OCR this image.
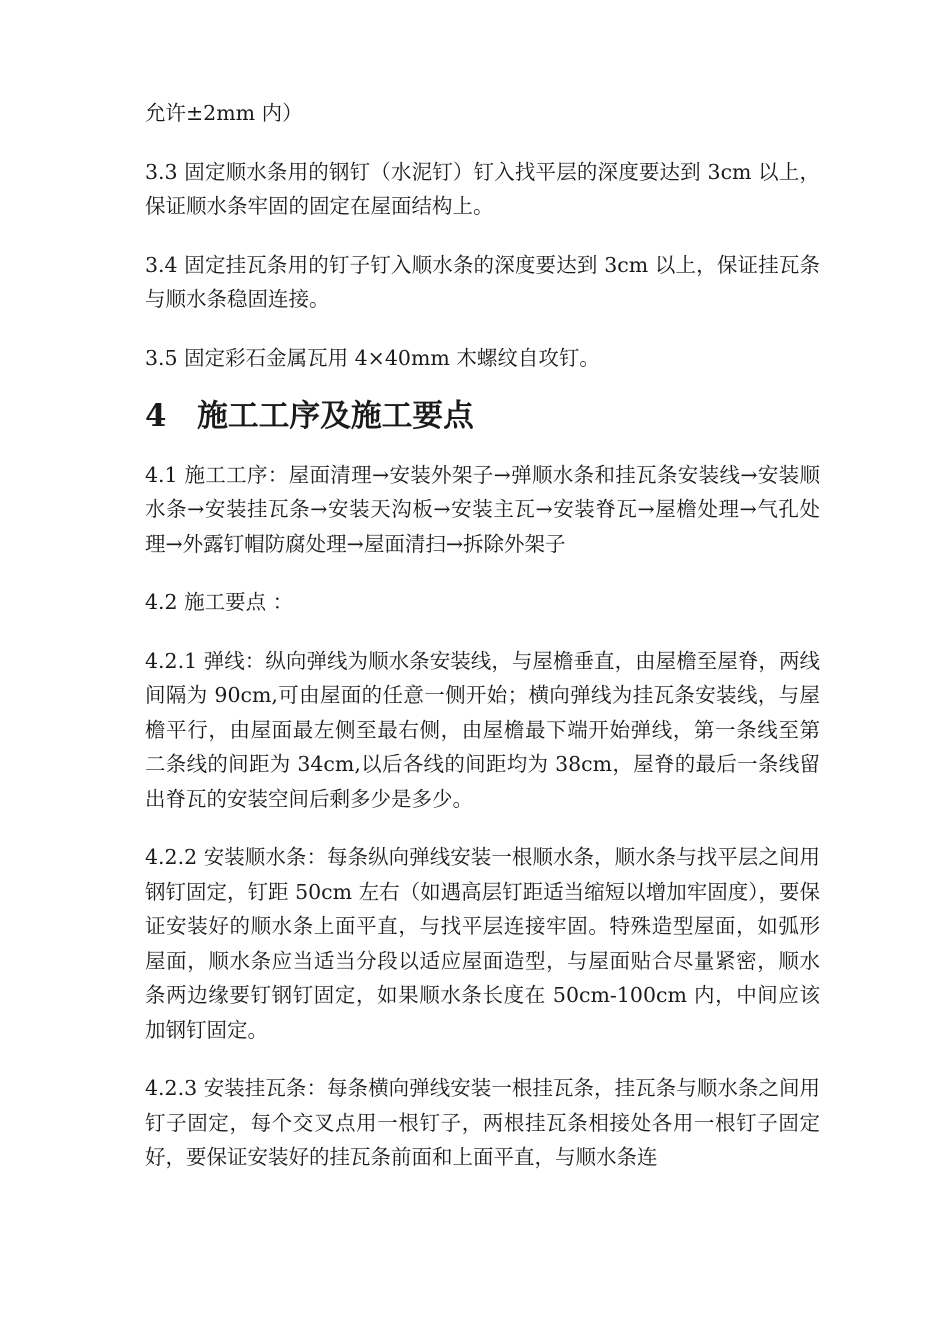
允许±2mm 内）

3.3 固定顺水条用的钢钉（水泥钉）钉入找平层的深度要达到 3cm 以上，保证顺水条牢固的固定在屋面结构上。

3.4 固定挂瓦条用的钉子钉入顺水条的深度要达到 3cm 以上，保证挂瓦条与顺水条稳固连接。

3.5 固定彩石金属瓦用 4×40mm 木螺纹自攻钉。

4　施工工序及施工要点

4.1 施工工序：屋面清理→安装外架子→弹顺水条和挂瓦条安装线→安装顺水条→安装挂瓦条→安装天沟板→安装主瓦→安装脊瓦→屋檐处理→气孔处理→外露钉帽防腐处理→屋面清扫→拆除外架子

4.2 施工要点 ：

4.2.1 弹线：纵向弹线为顺水条安装线，与屋檐垂直，由屋檐至屋脊，两线间隔为 90cm,可由屋面的任意一侧开始；横向弹线为挂瓦条安装线，与屋檐平行，由屋面最左侧至最右侧，由屋檐最下端开始弹线，第一条线至第二条线的间距为 34cm,以后各线的间距均为 38cm，屋脊的最后一条线留出脊瓦的安装空间后剩多少是多少。

4.2.2 安装顺水条：每条纵向弹线安装一根顺水条，顺水条与找平层之间用钢钉固定，钉距 50cm 左右（如遇高层钉距适当缩短以增加牢固度），要保证安装好的顺水条上面平直，与找平层连接牢固。特殊造型屋面，如弧形屋面，顺水条应当适当分段以适应屋面造型，与屋面贴合尽量紧密，顺水条两边缘要钉钢钉固定，如果顺水条长度在 50cm-100cm 内，中间应该加钢钉固定。

4.2.3 安装挂瓦条：每条横向弹线安装一根挂瓦条，挂瓦条与顺水条之间用钉子固定，每个交叉点用一根钉子，两根挂瓦条相接处各用一根钉子固定好，要保证安装好的挂瓦条前面和上面平直，与顺水条连
